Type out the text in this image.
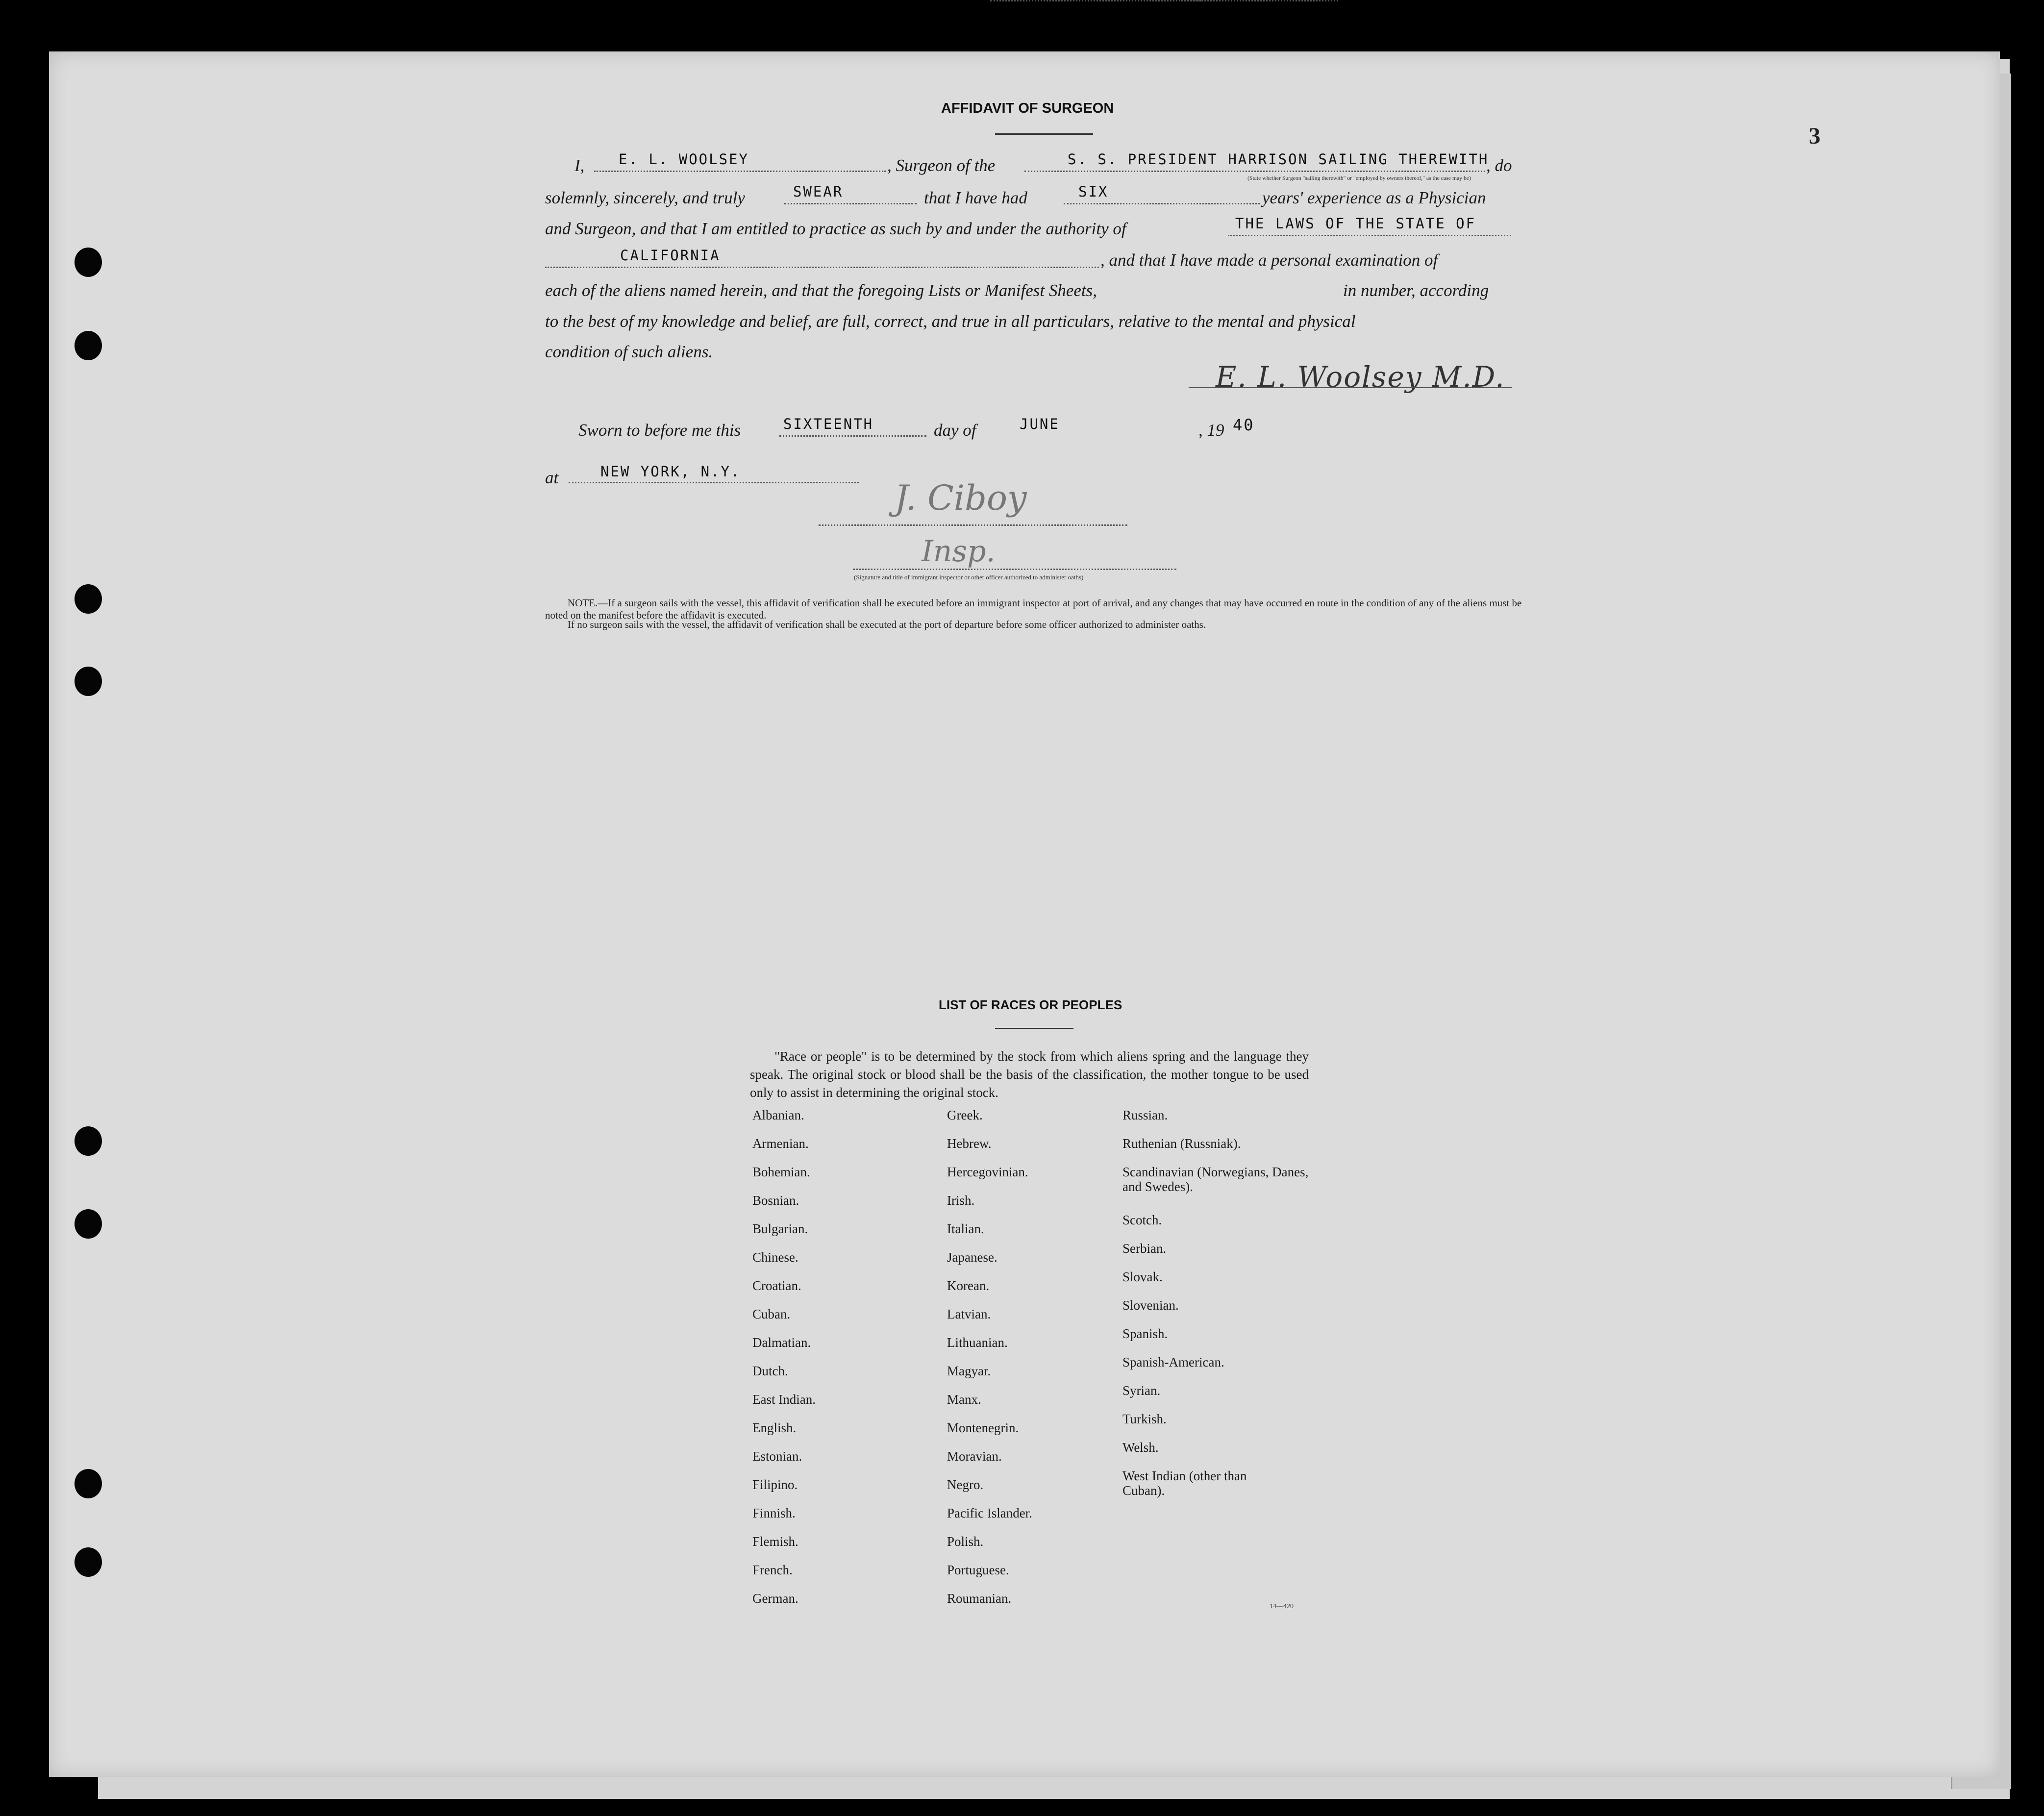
3
AFFIDAVIT OF SURGEON
I, E. L. WOOLSEY	, Surgeon of the	S. S. PRESIDENT HARRISON SAILING THEREWITH
(State whether Surgeon "sailing therewith" or "employed by owners thereof," as the case may be)
, do
solemnly, sincerely, and truly	SWEAR	that I have had	SIX	years' experience as a Physician
and Surgeon, and that I am entitled to practice as such by and under the authority of	THE LAWS OF THE STATE OF
CALIFORNIA	, and that I have made a personal examination of
each of the aliens named herein, and that the foregoing Lists or Manifest Sheets,	in number, according
to the best of my knowledge and belief, are full, correct, and true in all particulars, relative to the mental and physical
condition of such aliens.
E. L. Woolsey M.D.
Sworn to before me this	SIXTEENTH	day of	JUNE	, 19 40
at	NEW YORK, N.Y.
J. Ciboy
Insp.
(Signature and title of immigrant inspector or other officer authorized to administer oaths)
NOTE.—If a surgeon sails with the vessel, this affidavit of verification shall be executed before an immigrant inspector at port of arrival, and any changes that may have occurred en route in the condition of any of the aliens must be noted on the manifest before the affidavit is executed.
If no surgeon sails with the vessel, the affidavit of verification shall be executed at the port of departure before some officer authorized to administer oaths.
LIST OF RACES OR PEOPLES
"Race or people" is to be determined by the stock from which aliens spring and the language they speak. The original stock or blood shall be the basis of the classification, the mother tongue to be used only to assist in determining the original stock.
Albanian.
Armenian.
Bohemian.
Bosnian.
Bulgarian.
Chinese.
Croatian.
Cuban.
Dalmatian.
Dutch.
East Indian.
English.
Estonian.
Filipino.
Finnish.
Flemish.
French.
German.
Greek.
Hebrew.
Hercegovinian.
Irish.
Italian.
Japanese.
Korean.
Latvian.
Lithuanian.
Magyar.
Manx.
Montenegrin.
Moravian.
Negro.
Pacific Islander.
Polish.
Portuguese.
Roumanian.
Russian.
Ruthenian (Russniak).
Scandinavian (Norwegians, Danes, and Swedes).
Scotch.
Serbian.
Slovak.
Slovenian.
Spanish.
Spanish-American.
Syrian.
Turkish.
Welsh.
West Indian (other than Cuban).
14—420
